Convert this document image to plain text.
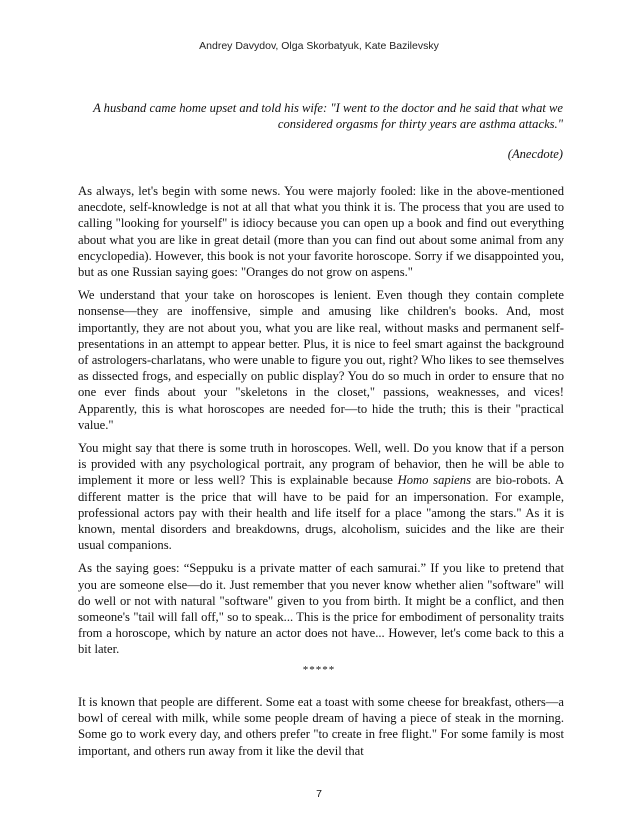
Andrey Davydov, Olga Skorbatyuk, Kate Bazilevsky

A husband came home upset and told his wife: "I went to the doctor and he said that what we considered orgasms for thirty years are asthma attacks."

(Anecdote)

As always, let's begin with some news. You were majorly fooled: like in the above-mentioned anecdote, self-knowledge is not at all that what you think it is. The process that you are used to calling "looking for yourself" is idiocy because you can open up a book and find out everything about what you are like in great detail (more than you can find out about some animal from any encyclopedia). However, this book is not your favorite horoscope. Sorry if we disappointed you, but as one Russian saying goes: "Oranges do not grow on aspens."

We understand that your take on horoscopes is lenient. Even though they contain complete nonsense—they are inoffensive, simple and amusing like children's books. And, most importantly, they are not about you, what you are like real, without masks and permanent self-presentations in an attempt to appear better. Plus, it is nice to feel smart against the background of astrologers-charlatans, who were unable to figure you out, right? Who likes to see themselves as dissected frogs, and especially on public display? You do so much in order to ensure that no one ever finds about your "skeletons in the closet," passions, weaknesses, and vices! Apparently, this is what horoscopes are needed for—to hide the truth; this is their "practical value."

You might say that there is some truth in horoscopes. Well, well. Do you know that if a person is provided with any psychological portrait, any program of behavior, then he will be able to implement it more or less well? This is explainable because Homo sapiens are bio-robots. A different matter is the price that will have to be paid for an impersonation. For example, professional actors pay with their health and life itself for a place "among the stars." As it is known, mental disorders and breakdowns, drugs, alcoholism, suicides and the like are their usual companions.

As the saying goes: “Seppuku is a private matter of each samurai.” If you like to pretend that you are someone else—do it. Just remember that you never know whether alien "software" will do well or not with natural "software" given to you from birth. It might be a conflict, and then someone's "tail will fall off," so to speak... This is the price for embodiment of personality traits from a horoscope, which by nature an actor does not have... However, let's come back to this a bit later.

*****

It is known that people are different. Some eat a toast with some cheese for breakfast, others—a bowl of cereal with milk, while some people dream of having a piece of steak in the morning. Some go to work every day, and others prefer "to create in free flight." For some family is most important, and others run away from it like the devil that

7
